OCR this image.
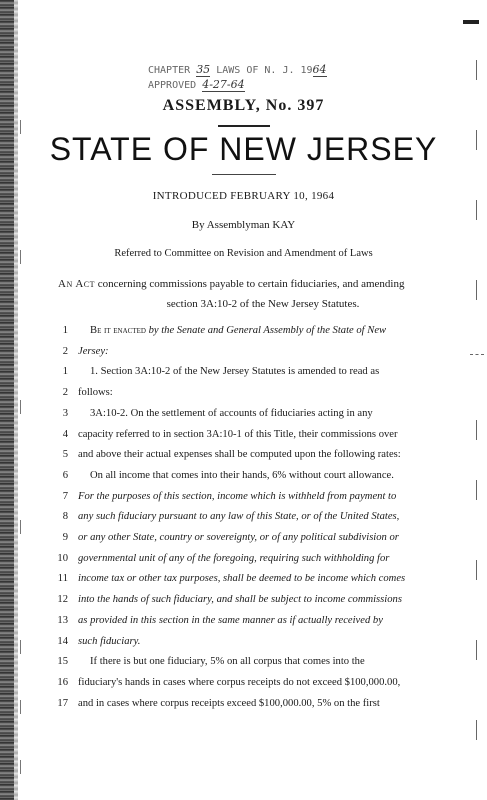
CHAPTER 35 LAWS OF N. J. 1964
APPROVED 4-27-64
ASSEMBLY, No. 397
STATE OF NEW JERSEY
INTRODUCED FEBRUARY 10, 1964
By Assemblyman KAY
Referred to Committee on Revision and Amendment of Laws
An Act concerning commissions payable to certain fiduciaries, and amending
section 3A:10-2 of the New Jersey Statutes.
1 Be it enacted by the Senate and General Assembly of the State of New
2 Jersey:
1 1. Section 3A:10-2 of the New Jersey Statutes is amended to read as
2 follows:
3 3A:10-2. On the settlement of accounts of fiduciaries acting in any
4 capacity referred to in section 3A:10-1 of this Title, their commissions over
5 and above their actual expenses shall be computed upon the following rates:
6 On all income that comes into their hands, 6% without court allowance.
7 For the purposes of this section, income which is withheld from payment to
8 any such fiduciary pursuant to any law of this State, or of the United States,
9 or any other State, country or sovereignty, or of any political subdivision or
10 governmental unit of any of the foregoing, requiring such withholding for
11 income tax or other tax purposes, shall be deemed to be income which comes
12 into the hands of such fiduciary, and shall be subject to income commissions
13 as provided in this section in the same manner as if actually received by
14 such fiduciary.
15 If there is but one fiduciary, 5% on all corpus that comes into the
16 fiduciary's hands in cases where corpus receipts do not exceed $100,000.00,
17 and in cases where corpus receipts exceed $100,000.00, 5% on the first
